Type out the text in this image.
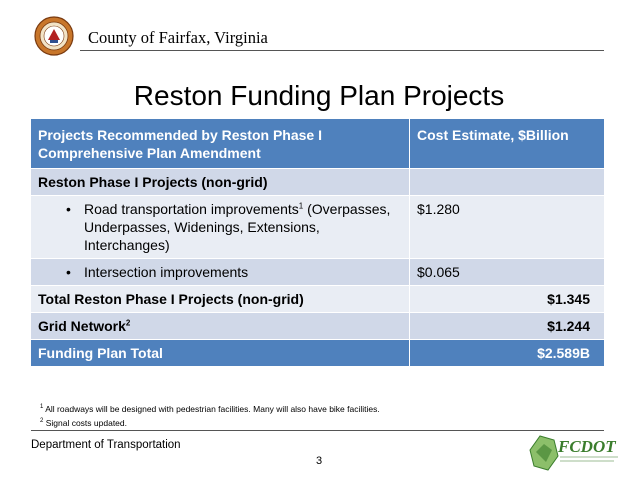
County of Fairfax, Virginia
Reston Funding Plan Projects
Projects Recommended by Reston Phase I Comprehensive Plan Amendment	Cost Estimate, $Billion
Reston Phase I Projects (non-grid)	

• Road transportation improvements$^1$ (Overpasses, Underpasses, Widenings, Extensions, Interchanges)	$1.280

• Intersection improvements	$0.065
Total Reston Phase I Projects (non-grid)	$1.345
Grid Network$^2$	$1.244
Funding Plan Total	$2.589B
$^1$ All roadways will be designed with pedestrian facilities. Many will also have bike facilities.
$^2$ Signal costs updated.
Department of Transportation
3
FCDOT
